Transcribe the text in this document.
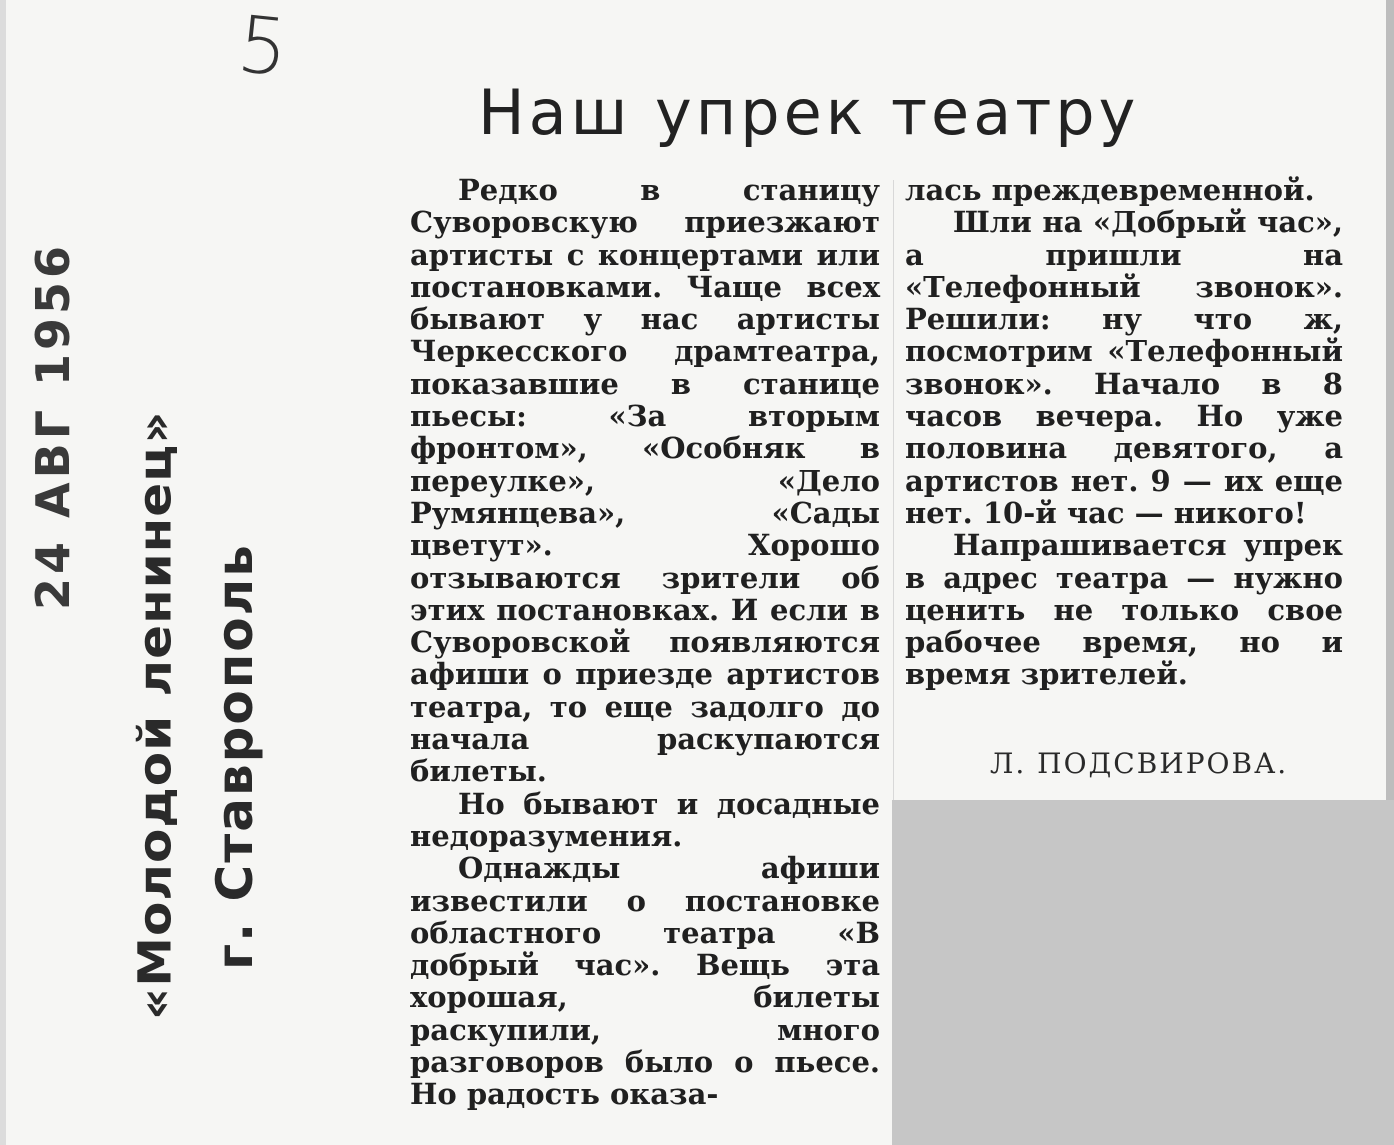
5
Наш упрек театру
24 АВГ 1956 «Молодой ленинец» г. Ставрополь

Редко в станицу Суворовскую приезжают артисты с концертами или постановками. Чаще всех бывают у нас артисты Черкесского драмтеатра, показавшие в станице пьесы: «За вторым фронтом», «Особняк в переулке», «Дело Румянцева», «Сады цветут». Хорошо отзываются зрители об этих постановках. И если в Суворовской появляются афиши о приезде артистов театра, то еще задолго до начала раскупаются билеты.

Но бывают и досадные недоразумения.

Однажды афиши известили о постановке областного театра «В добрый час». Вещь эта хорошая, билеты раскупили, много разговоров было о пьесе. Но радость оказа-

лась преждевременной.

Шли на «Добрый час», а пришли на «Телефонный звонок». Решили: ну что ж, посмотрим «Телефонный звонок». Начало в 8 часов вечера. Но уже половина девятого, а артистов нет. 9 — их еще нет. 10-й час — никого!

Напрашивается упрек в адрес театра — нужно ценить не только свое рабочее время, но и время зрителей.

Л. ПОДСВИРОВА.
